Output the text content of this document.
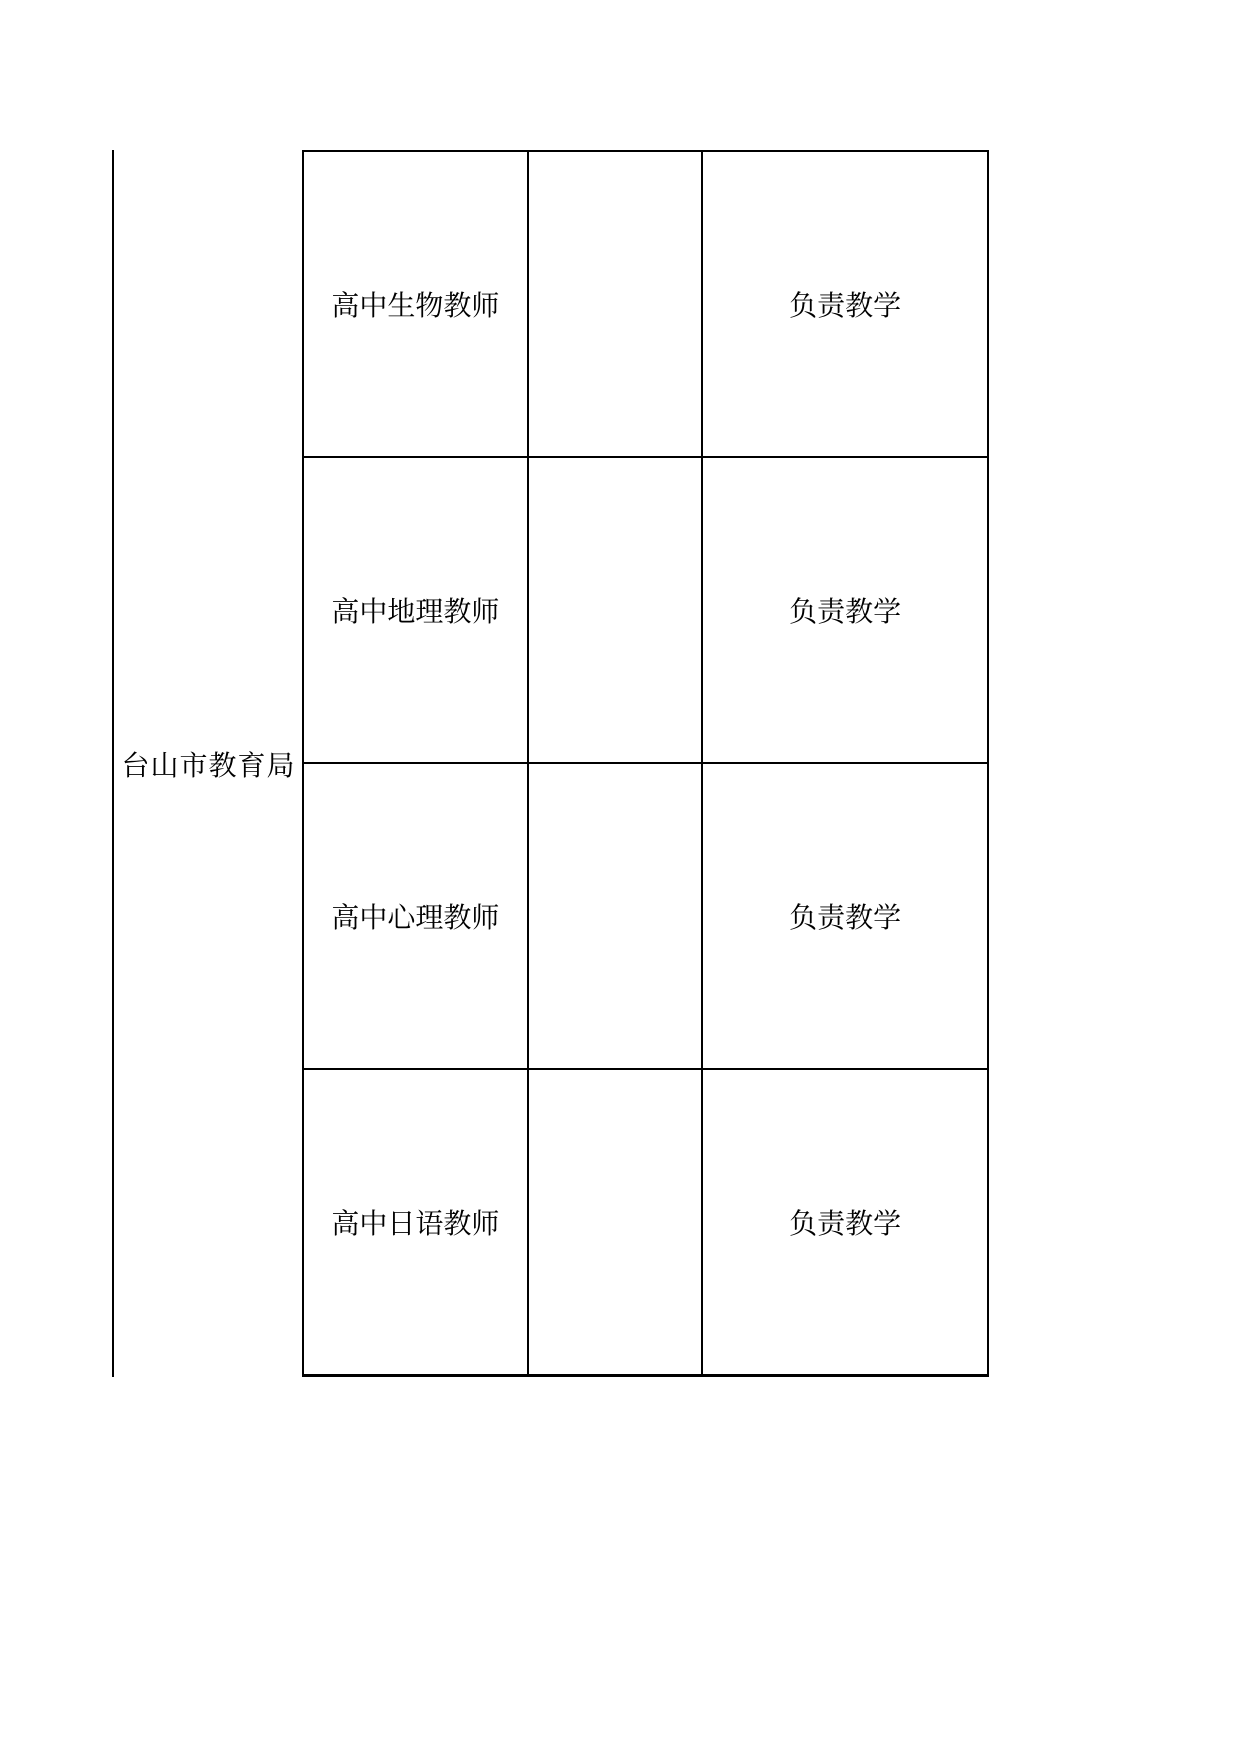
台山市教育局
高中生物教师		负责教学
高中地理教师		负责教学
高中心理教师		负责教学
高中日语教师		负责教学
